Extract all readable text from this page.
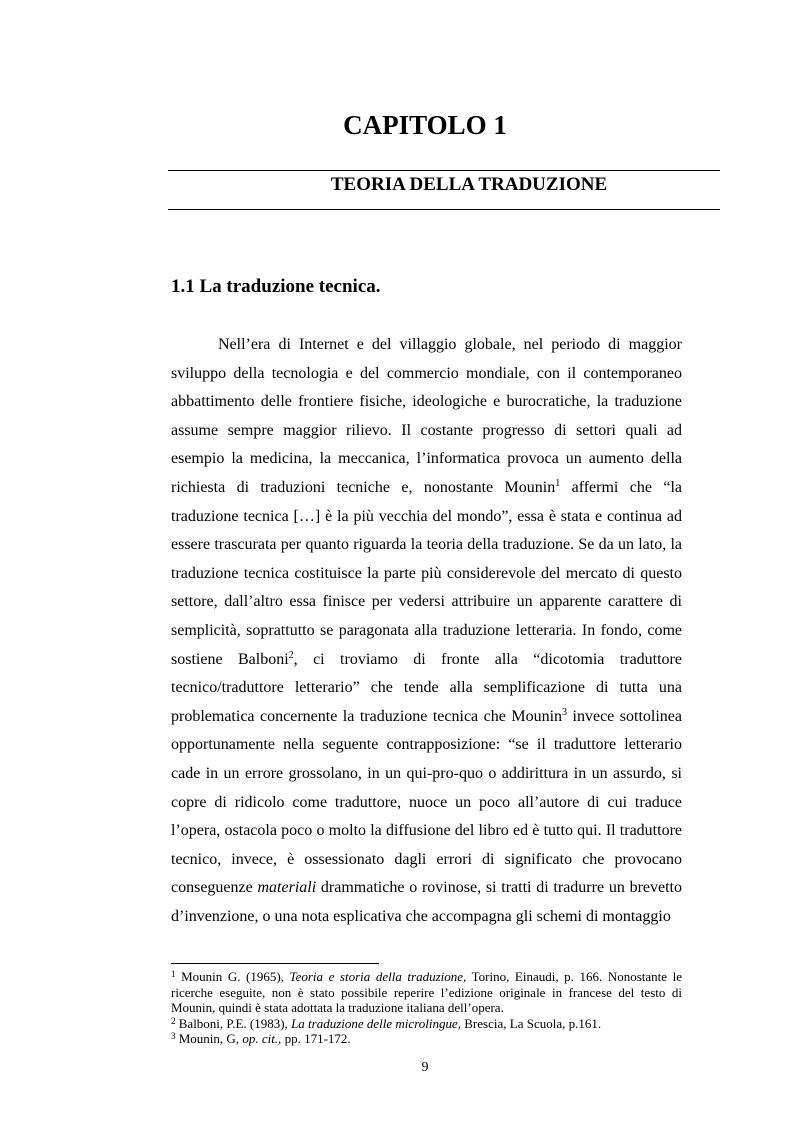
CAPITOLO 1
TEORIA DELLA TRADUZIONE
1.1 La traduzione tecnica.

Nell’era di Internet e del villaggio globale, nel periodo di maggior sviluppo della tecnologia e del commercio mondiale, con il contemporaneo abbattimento delle frontiere fisiche, ideologiche e burocratiche, la traduzione assume sempre maggior rilievo. Il costante progresso di settori quali ad esempio la medicina, la meccanica, l’informatica provoca un aumento della richiesta di traduzioni tecniche e, nonostante Mounin$^1$ affermi che “la traduzione tecnica […] è la più vecchia del mondo”, essa è stata e continua ad essere trascurata per quanto riguarda la teoria della traduzione. Se da un lato, la traduzione tecnica costituisce la parte più considerevole del mercato di questo settore, dall’altro essa finisce per vedersi attribuire un apparente carattere di semplicità, soprattutto se paragonata alla traduzione letteraria. In fondo, come sostiene Balboni$^2$, ci troviamo di fronte alla “dicotomia traduttore tecnico/traduttore letterario” che tende alla semplificazione di tutta una problematica concernente la traduzione tecnica che Mounin$^3$ invece sottolinea opportunamente nella seguente contrapposizione: “se il traduttore letterario cade in un errore grossolano, in un qui-pro-quo o addirittura in un assurdo, si copre di ridicolo come traduttore, nuoce un poco all’autore di cui traduce l’opera, ostacola poco o molto la diffusione del libro ed è tutto qui. Il traduttore tecnico, invece, è ossessionato dagli errori di significato che provocano conseguenze materiali drammatiche o rovinose, si tratti di tradurre un brevetto d’invenzione, o una nota esplicativa che accompagna gli schemi di montaggio

$^1$ Mounin G. (1965), Teoria e storia della traduzione, Torino, Einaudi, p. 166. Nonostante le ricerche eseguite, non è stato possibile reperire l’edizione originale in francese del testo di Mounin, quindi è stata adottata la traduzione italiana dell’opera.

$^2$ Balboni, P.E. (1983), La traduzione delle microlingue, Brescia, La Scuola, p.161.

$^3$ Mounin, G, op. cit., pp. 171-172.

9
